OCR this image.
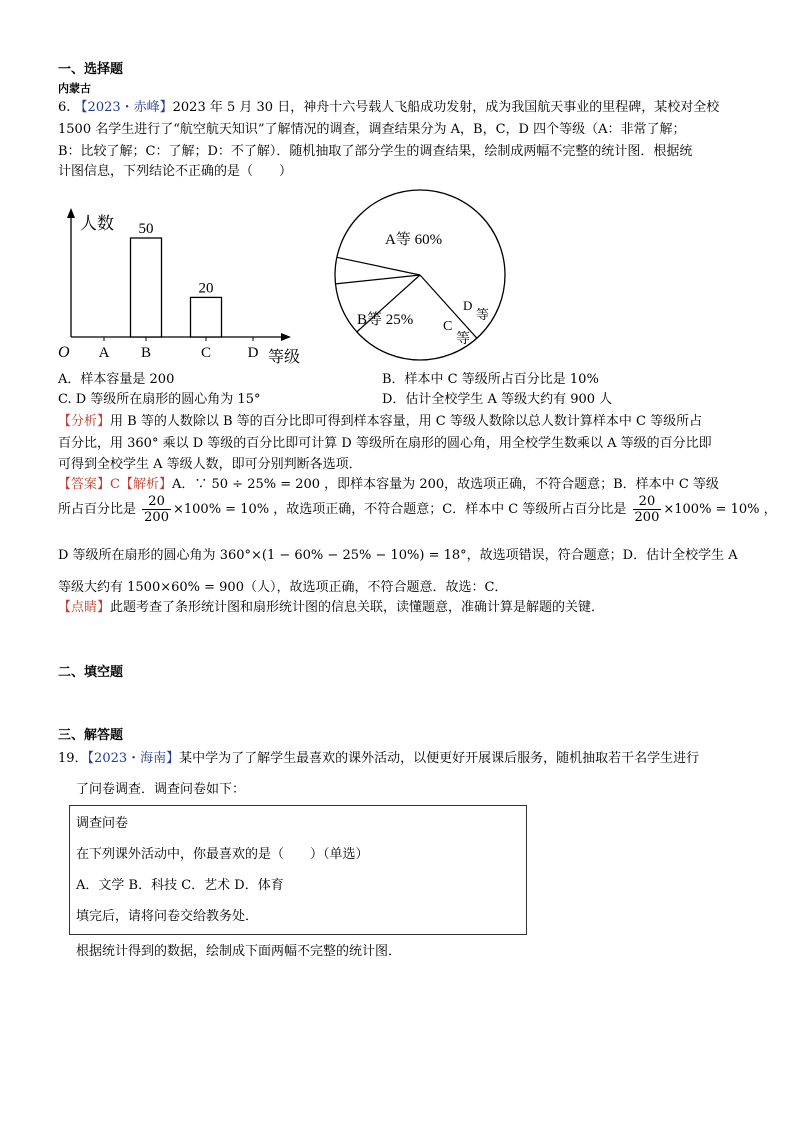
一、选择题
内蒙古
6. 【2023・赤峰】2023 年 5 月 30 日，神舟十六号载人飞船成功发射，成为我国航天事业的里程碑，某校对全校
1500 名学生进行了“航空航天知识”了解情况的调查，调查结果分为 A，B，C，D 四个等级（A：非常了解；
B：比较了解；C：了解；D：不了解）．随机抽取了部分学生的调查结果，绘制成两幅不完整的统计图．根据统
计图信息，下列结论不正确的是（　　）
人数
等级
O A B
50
C
20
D
A等 60%
B等 25% C
等
D
等
A．样本容量是 200	B．样本中 C 等级所占百分比是 10%
C. D 等级所在扇形的圆心角为 15°	D．估计全校学生 A 等级大约有 900 人
【分析】用 B 等的人数除以 B 等的百分比即可得到样本容量，用 C 等级人数除以总人数计算样本中 C 等级所占
百分比，用 360° 乘以 D 等级的百分比即可计算 D 等级所在扇形的圆心角，用全校学生数乘以 A 等级的百分比即
可得到全校学生 A 等级人数，即可分别判断各选项．
【答案】C【解析】A．∵ 50 ÷ 25% = 200 ，即样本容量为 200，故选项正确，不符合题意；B．样本中 C 等级
所占百分比是 $\frac{20}{200} \times 100\% = 10\%$ ，故选项正确，不符合题意；C．样本中 C 等级所占百分比是 $\frac{20}{200} \times 100\% = 10\%$ ，
D 等级所在扇形的圆心角为 360°×(1 − 60% − 25% − 10%) = 18°，故选项错误，符合题意；D．估计全校学生 A
等级大约有 1500×60% = 900（人），故选项正确，不符合题意．故选：C．
【点睛】此题考查了条形统计图和扇形统计图的信息关联，读懂题意，准确计算是解题的关键．
二、填空题
三、解答题
19．【2023・海南】某中学为了了解学生最喜欢的课外活动，以便更好开展课后服务，随机抽取若干名学生进行
了问卷调查．调查问卷如下：
调查问卷
在下列课外活动中，你最喜欢的是（　　）（单选）
A．文学 B．科技 C．艺术 D．体育
填完后，请将问卷交给教务处．
根据统计得到的数据，绘制成下面两幅不完整的统计图．
